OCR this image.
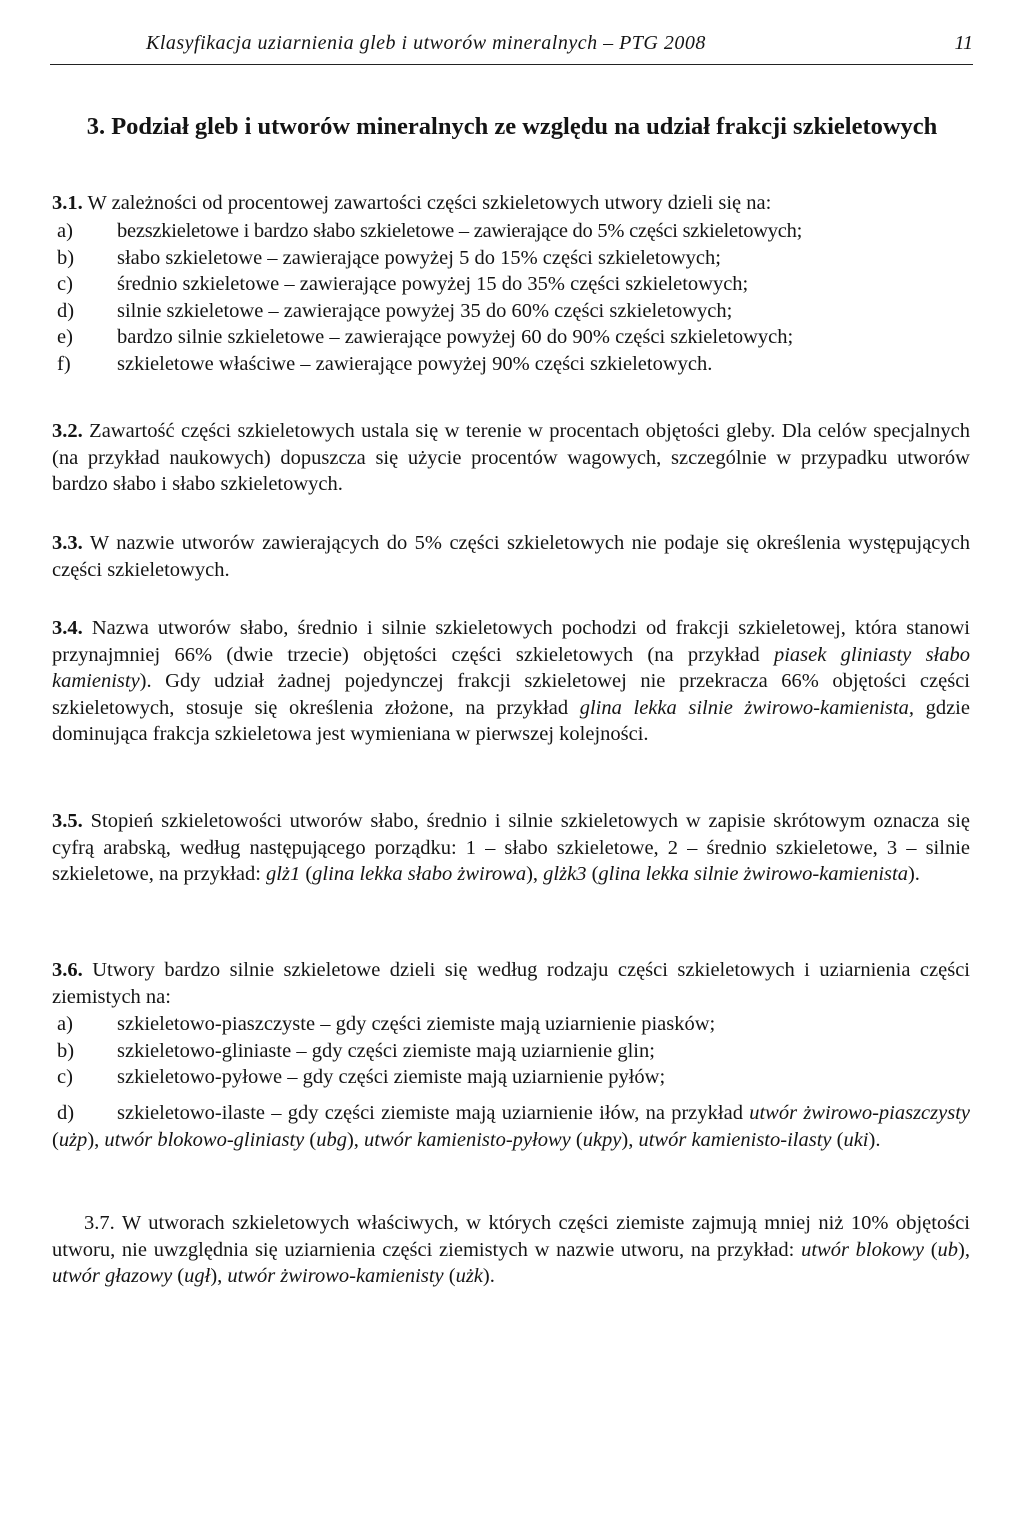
Klasyfikacja uziarnienia gleb i utworów mineralnych – PTG 2008	11
3. Podział gleb i utworów mineralnych ze względu na udział frakcji szkieletowych

3.1. W zależności od procentowej zawartości części szkieletowych utwory dzieli się na:

a)	bezszkieletowe i bardzo słabo szkieletowe – zawierające do 5% części szkieletowych;
b)	słabo szkieletowe – zawierające powyżej 5 do 15% części szkieletowych;
c)	średnio szkieletowe – zawierające powyżej 15 do 35% części szkieletowych;
d)	silnie szkieletowe – zawierające powyżej 35 do 60% części szkieletowych;
e)	bardzo silnie szkieletowe – zawierające powyżej 60 do 90% części szkieletowych;
f)	szkieletowe właściwe – zawierające powyżej 90% części szkieletowych.

3.2. Zawartość części szkieletowych ustala się w terenie w procentach objętości gleby. Dla celów specjalnych (na przykład naukowych) dopuszcza się użycie procentów wagowych, szczególnie w przypadku utworów bardzo słabo i słabo szkieletowych.

3.3. W nazwie utworów zawierających do 5% części szkieletowych nie podaje się określenia występujących części szkieletowych.

3.4. Nazwa utworów słabo, średnio i silnie szkieletowych pochodzi od frakcji szkieletowej, która stanowi przynajmniej 66% (dwie trzecie) objętości części szkieletowych (na przykład piasek gliniasty słabo kamienisty). Gdy udział żadnej pojedynczej frakcji szkieletowej nie przekracza 66% objętości części szkieletowych, stosuje się określenia złożone, na przykład glina lekka silnie żwirowo-kamienista, gdzie dominująca frakcja szkieletowa jest wymieniana w pierwszej kolejności.

3.5. Stopień szkieletowości utworów słabo, średnio i silnie szkieletowych w zapisie skrótowym oznacza się cyfrą arabską, według następującego porządku: 1 – słabo szkieletowe, 2 – średnio szkieletowe, 3 – silnie szkieletowe, na przykład: glż1 (glina lekka słabo żwirowa), glżk3 (glina lekka silnie żwirowo-kamienista).

3.6. Utwory bardzo silnie szkieletowe dzieli się według rodzaju części szkieletowych i uziarnienia części ziemistych na:

a)	szkieletowo-piaszczyste – gdy części ziemiste mają uziarnienie piasków;
b)	szkieletowo-gliniaste – gdy części ziemiste mają uziarnienie glin;
c)	szkieletowo-pyłowe – gdy części ziemiste mają uziarnienie pyłów;

d) szkieletowo-ilaste – gdy części ziemiste mają uziarnienie iłów, na przykład utwór żwirowo-piaszczysty (użp), utwór blokowo-gliniasty (ubg), utwór kamienisto-pyłowy (ukpy), utwór kamienisto-ilasty (uki).

3.7. W utworach szkieletowych właściwych, w których części ziemiste zajmują mniej niż 10% objętości utworu, nie uwzględnia się uziarnienia części ziemistych w nazwie utworu, na przykład: utwór blokowy (ub), utwór głazowy (ugł), utwór żwirowo-kamienisty (użk).
